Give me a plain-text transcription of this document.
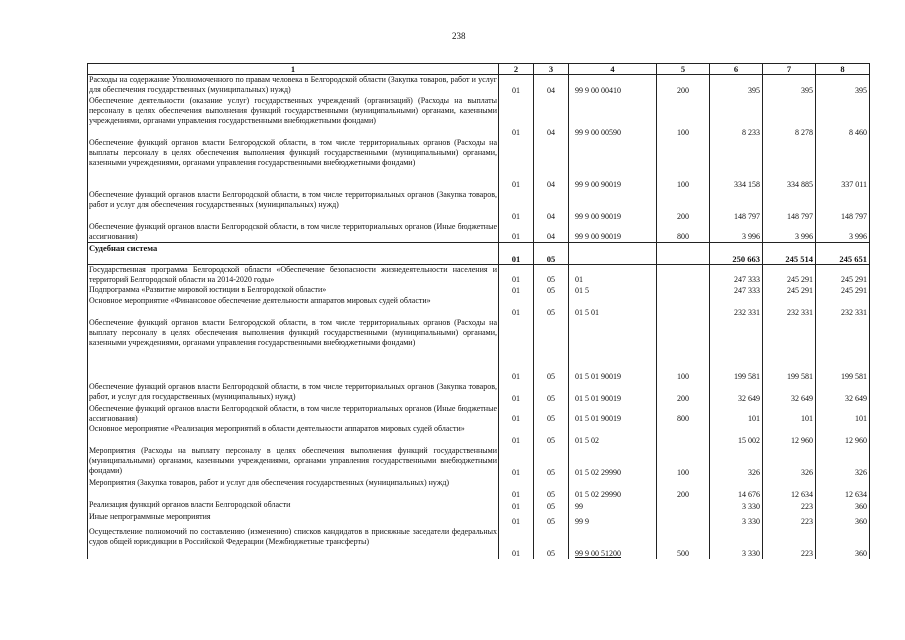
238
1	2	3	4	5	6	7	8
Расходы на содержание Уполномоченного по правам человека в Белгородской области (Закупка товаров, работ и услуг для обеспечения государственных (муниципальных) нужд)	01	04	99 9 00 00410	200	395	395	395
Обеспечение деятельности (оказание услуг) государственных учреждений (организаций) (Расходы на выплаты персоналу в целях обеспечения выполнения функций государственными (муниципальными) органами, казенными учреждениями, органами управления государственными внебюджетными фондами)	01	04	99 9 00 00590	100	8 233	8 278	8 460
Обеспечение функций органов власти Белгородской области, в том числе территориальных органов (Расходы на выплаты персоналу в целях обеспечения выполнения функций государственными (муниципальными) органами, казенными учреждениями, органами управления государственными внебюджетными фондами)	01	04	99 9 00 90019	100	334 158	334 885	337 011
Обеспечение функций органов власти Белгородской области, в том числе территориальных органов (Закупка товаров, работ и услуг для обеспечения государственных (муниципальных) нужд)	01	04	99 9 00 90019	200	148 797	148 797	148 797
Обеспечение функций органов власти Белгородской области, в том числе территориальных органов (Иные бюджетные ассигнования)	01	04	99 9 00 90019	800	3 996	3 996	3 996
Судебная система	01	05			250 663	245 514	245 651
Государственная программа Белгородской области «Обеспечение безопасности жизнедеятельности населения и территорий Белгородской области на 2014-2020 годы»	01	05	01		247 333	245 291	245 291
Подпрограмма «Развитие мировой юстиции в Белгородской области»	01	05	01 5		247 333	245 291	245 291
Основное мероприятие «Финансовое обеспечение деятельности аппаратов мировых судей области»	01	05	01 5 01		232 331	232 331	232 331
Обеспечение функций органов власти Белгородской области, в том числе территориальных органов (Расходы на выплату персоналу в целях обеспечения выполнения функций государственными (муниципальными) органами, казенными учреждениями, органами управления государственными внебюджетными фондами)	01	05	01 5 01 90019	100	199 581	199 581	199 581
Обеспечение функций органов власти Белгородской области, в том числе территориальных органов (Закупка товаров, работ, и услуг для государственных (муниципальных) нужд)	01	05	01 5 01 90019	200	32 649	32 649	32 649
Обеспечение функций органов власти Белгородской области, в том числе территориальных органов (Иные бюджетные ассигнования)	01	05	01 5 01 90019	800	101	101	101
Основное мероприятие «Реализация мероприятий в области деятельности аппаратов мировых судей области»	01	05	01 5 02		15 002	12 960	12 960
Мероприятия (Расходы на выплату персоналу в целях обеспечения выполнения функций государственными (муниципальными) органами, казенными учреждениями, органами управления государственными внебюджетными фондами)	01	05	01 5 02 29990	100	326	326	326
Мероприятия (Закупка товаров, работ и услуг для обеспечения государственных (муниципальных) нужд)	01	05	01 5 02 29990	200	14 676	12 634	12 634
Реализация функций органов власти Белгородской области	01	05	99		3 330	223	360
Иные непрограммные мероприятия	01	05	99 9		3 330	223	360
Осуществление полномочий по составлению (изменению) списков кандидатов в присяжные заседатели федеральных судов общей юрисдикции в Российской Федерации (Межбюджетные трансферты)	01	05	99 9 00 51200	500	3 330	223	360
